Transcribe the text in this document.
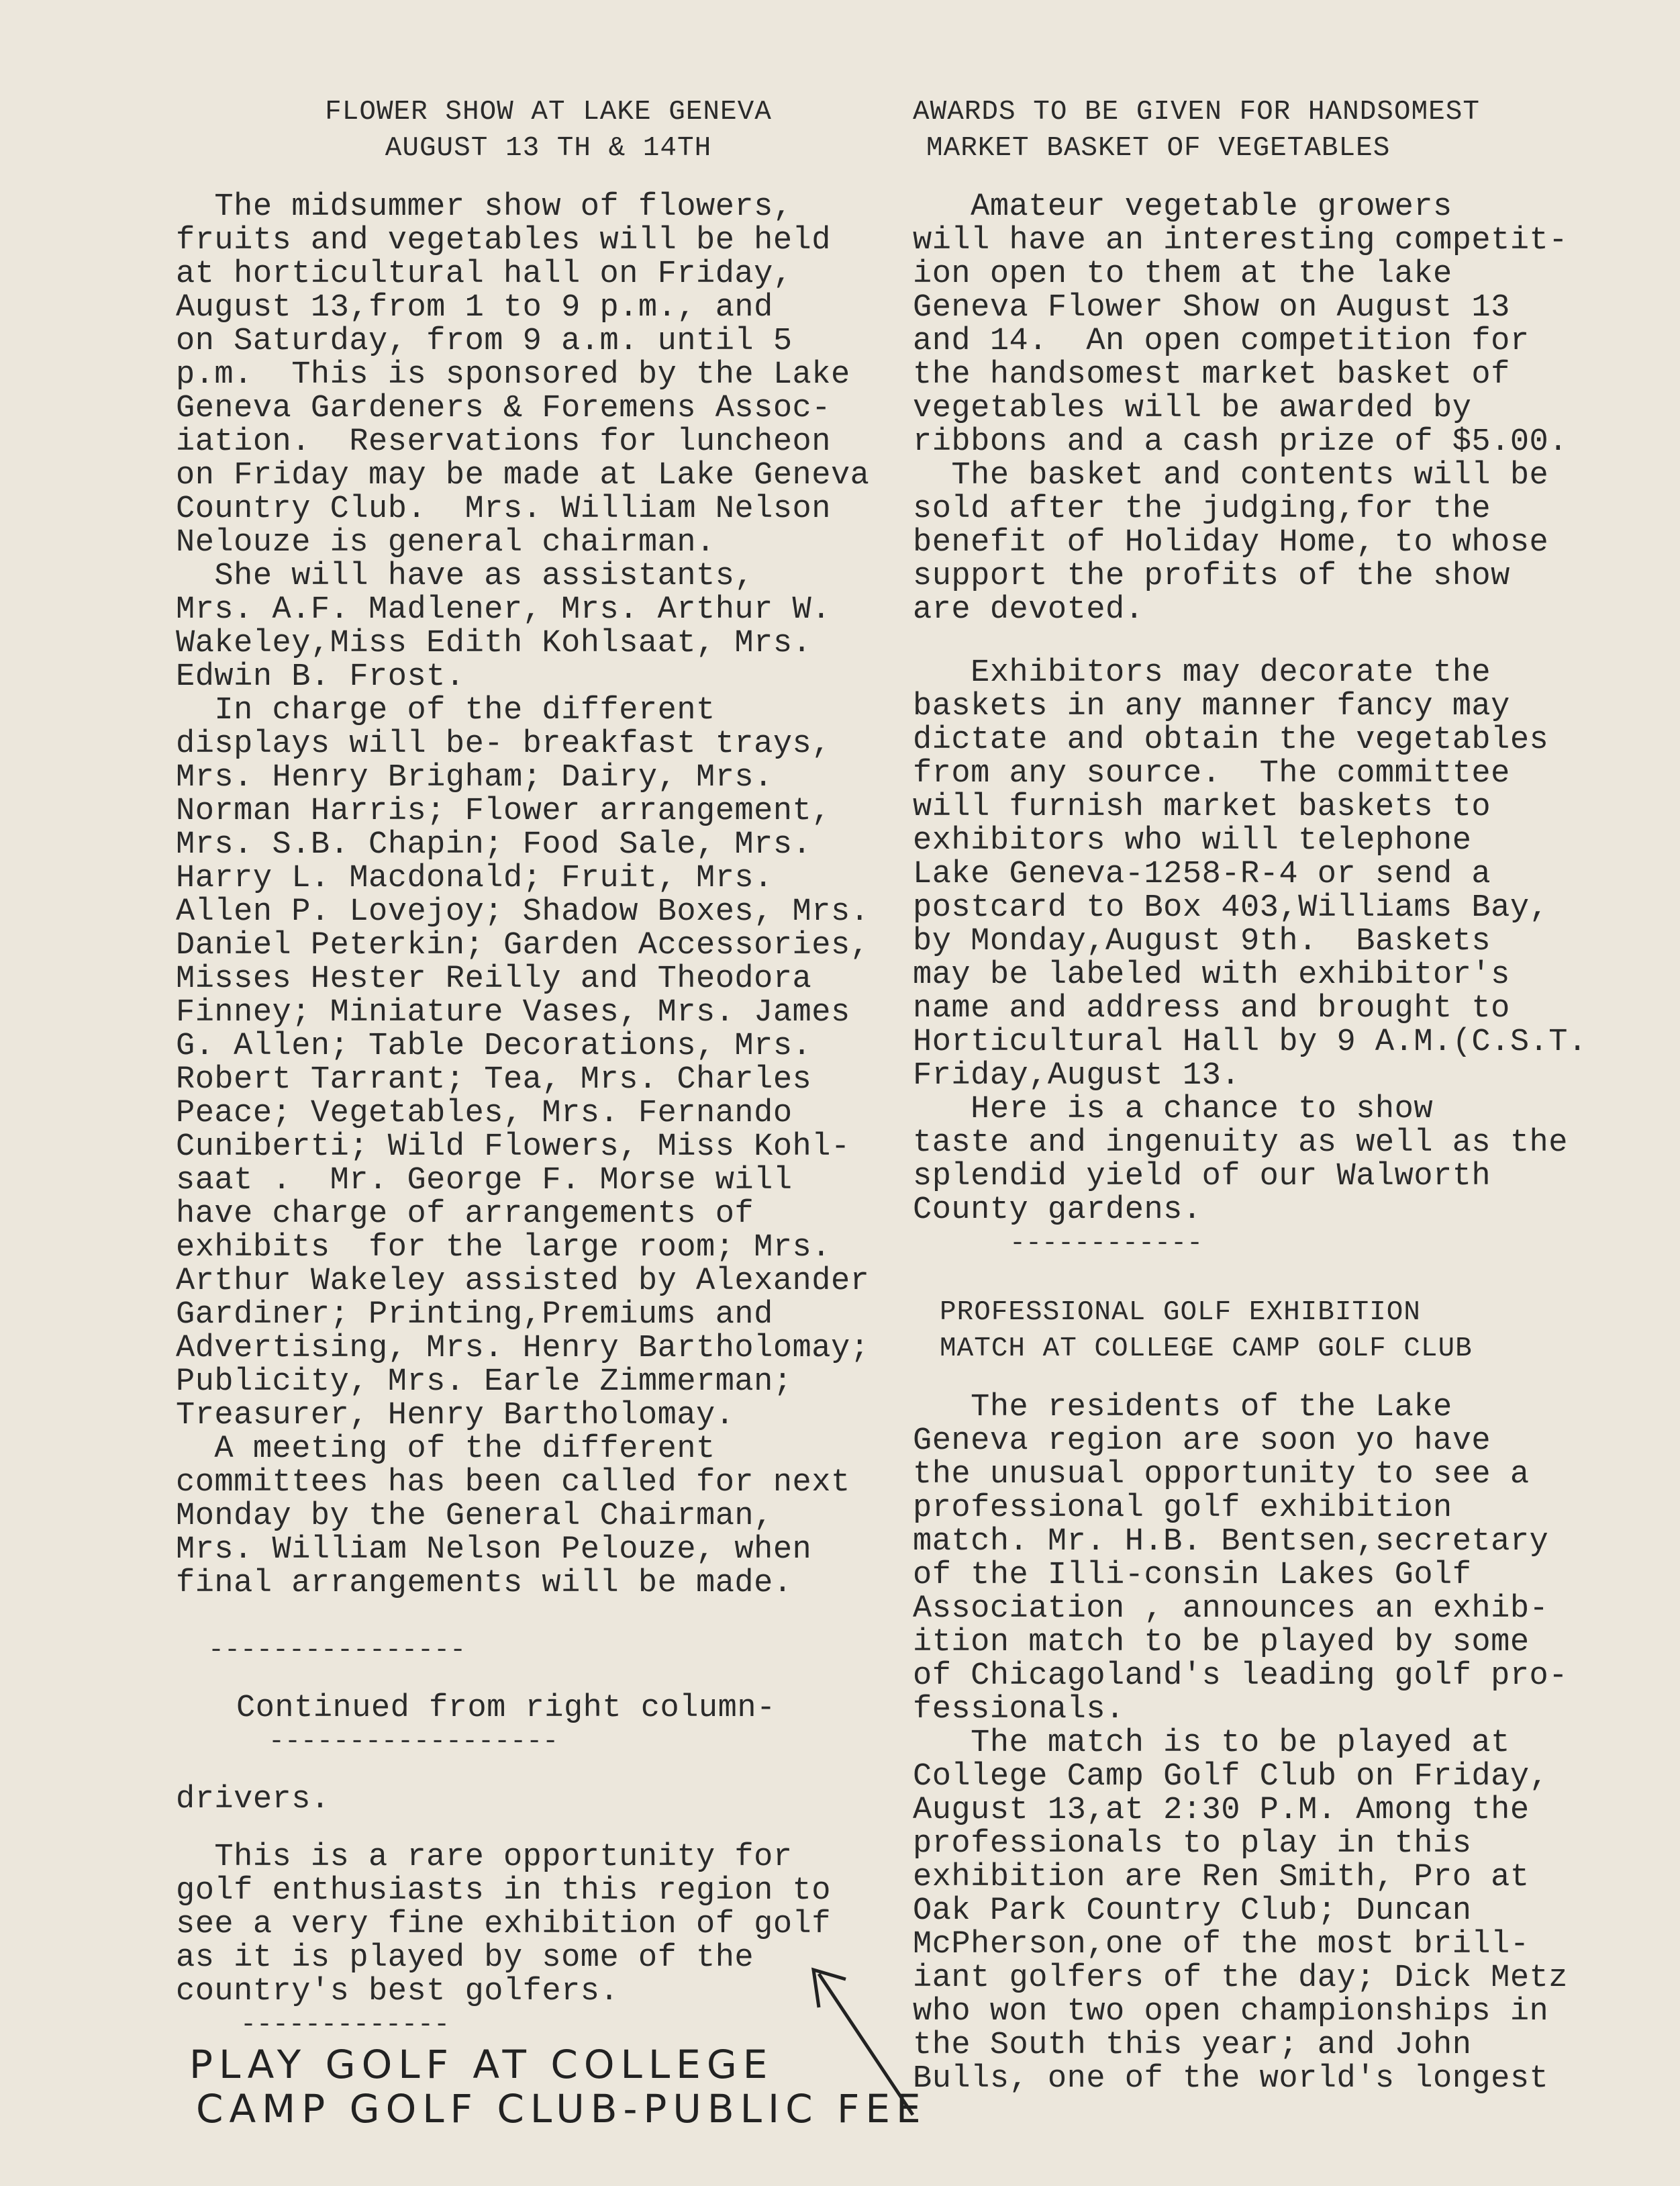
FLOWER SHOW AT LAKE GENEVA

AUGUST 13 TH & 14TH

The midsummer show of flowers,

fruits and vegetables will be held

at horticultural hall on Friday,

August 13,from 1 to 9 p.m., and

on Saturday, from 9 a.m. until 5

p.m.  This is sponsored by the Lake

Geneva Gardeners & Foremens Assoc-

iation.  Reservations for luncheon

on Friday may be made at Lake Geneva

Country Club.  Mrs. William Nelson

Nelouze is general chairman.

She will have as assistants,

Mrs. A.F. Madlener, Mrs. Arthur W.

Wakeley,Miss Edith Kohlsaat, Mrs.

Edwin B. Frost.

In charge of the different

displays will be- breakfast trays,

Mrs. Henry Brigham; Dairy, Mrs.

Norman Harris; Flower arrangement,

Mrs. S.B. Chapin; Food Sale, Mrs.

Harry L. Macdonald; Fruit, Mrs.

Allen P. Lovejoy; Shadow Boxes, Mrs.

Daniel Peterkin; Garden Accessories,

Misses Hester Reilly and Theodora

Finney; Miniature Vases, Mrs. James

G. Allen; Table Decorations, Mrs.

Robert Tarrant; Tea, Mrs. Charles

Peace; Vegetables, Mrs. Fernando

Cuniberti; Wild Flowers, Miss Kohl-

saat .  Mr. George F. Morse will

have charge of arrangements of

exhibits  for the large room; Mrs.

Arthur Wakeley assisted by Alexander

Gardiner; Printing,Premiums and

Advertising, Mrs. Henry Bartholomay;

Publicity, Mrs. Earle Zimmerman;

Treasurer, Henry Bartholomay.

A meeting of the different

committees has been called for next

Monday by the General Chairman,

Mrs. William Nelson Pelouze, when

final arrangements will be made.

----------------

Continued from right column-

------------------

drivers.

This is a rare opportunity for

golf enthusiasts in this region to

see a very fine exhibition of golf

as it is played by some of the

country's best golfers.

-------------

PLAY GOLF AT COLLEGE

CAMP GOLF CLUB-PUBLIC FEE

AWARDS TO BE GIVEN FOR HANDSOMEST

MARKET BASKET OF VEGETABLES

Amateur vegetable growers

will have an interesting competit-

ion open to them at the lake

Geneva Flower Show on August 13

and 14.  An open competition for

the handsomest market basket of

vegetables will be awarded by

ribbons and a cash prize of $5.00.

The basket and contents will be

sold after the judging,for the

benefit of Holiday Home, to whose

support the profits of the show

are devoted.

Exhibitors may decorate the

baskets in any manner fancy may

dictate and obtain the vegetables

from any source.  The committee

will furnish market baskets to

exhibitors who will telephone

Lake Geneva-1258-R-4 or send a

postcard to Box 403,Williams Bay,

by Monday,August 9th.  Baskets

may be labeled with exhibitor's

name and address and brought to

Horticultural Hall by 9 A.M.(C.S.T.

Friday,August 13.

Here is a chance to show

taste and ingenuity as well as the

splendid yield of our Walworth

County gardens.

------------

PROFESSIONAL GOLF EXHIBITION

MATCH AT COLLEGE CAMP GOLF CLUB

The residents of the Lake

Geneva region are soon yo have

the unusual opportunity to see a

professional golf exhibition

match. Mr. H.B. Bentsen,secretary

of the Illi-consin Lakes Golf

Association , announces an exhib-

ition match to be played by some

of Chicagoland's leading golf pro-

fessionals.

The match is to be played at

College Camp Golf Club on Friday,

August 13,at 2:30 P.M. Among the

professionals to play in this

exhibition are Ren Smith, Pro at

Oak Park Country Club; Duncan

McPherson,one of the most brill-

iant golfers of the day; Dick Metz

who won two open championships in

the South this year; and John

Bulls, one of the world's longest
